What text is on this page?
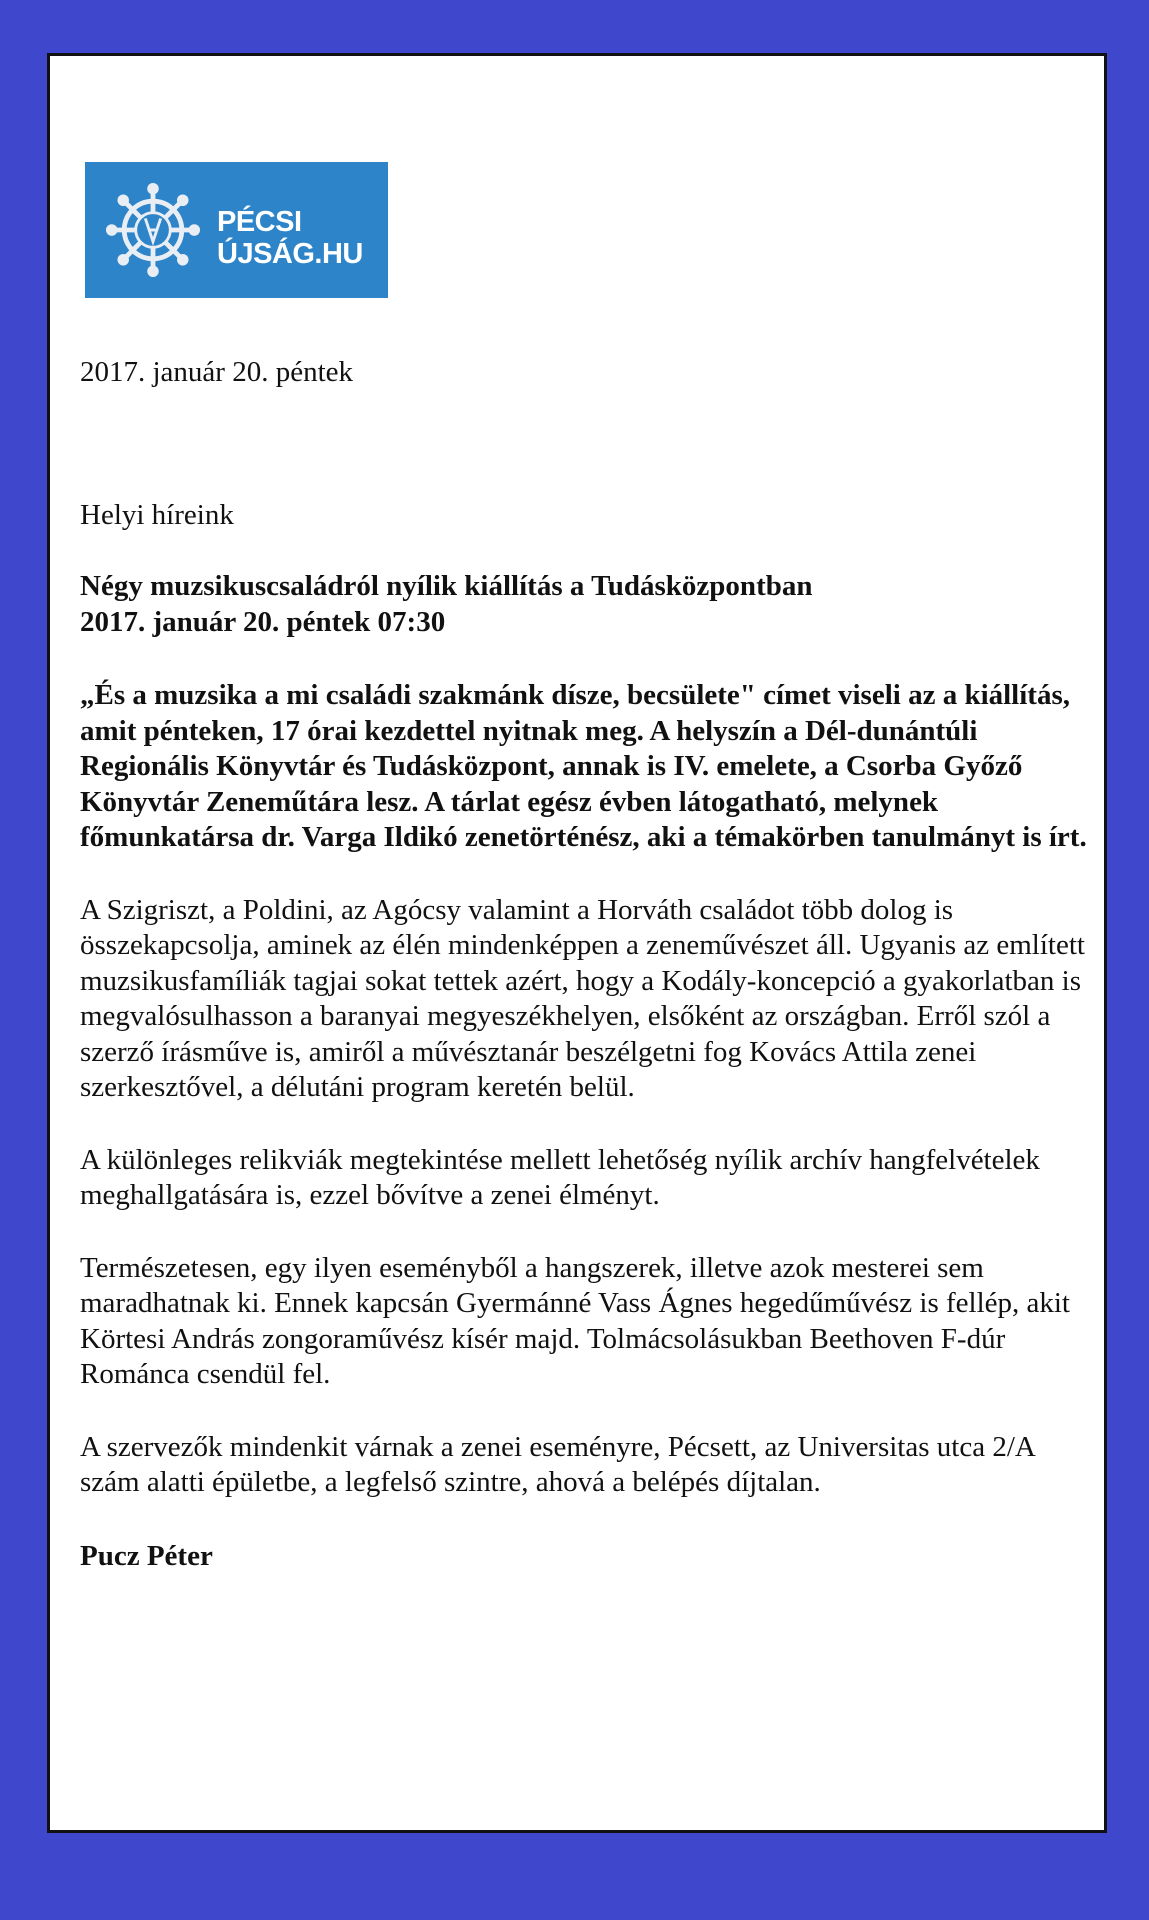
PÉCSI
ÚJSÁG.HU

2017. január 20. péntek

Helyi híreink

Négy muzsikuscsaládról nyílik kiállítás a Tudásközpontban

2017. január 20. péntek 07:30

„És a muzsika a mi családi szakmánk dísze, becsülete" címet viseli az a kiállítás, amit pénteken, 17 órai kezdettel nyitnak meg. A helyszín a Dél-dunántúli Regionális Könyvtár és Tudásközpont, annak is IV. emelete, a Csorba Győző Könyvtár Zeneműtára lesz. A tárlat egész évben látogatható, melynek főmunkatársa dr. Varga Ildikó zenetörténész, aki a témakörben tanulmányt is írt.

A Szigriszt, a Poldini, az Agócsy valamint a Horváth családot több dolog is összekapcsolja, aminek az élén mindenképpen a zeneművészet áll. Ugyanis az említett muzsikusfamíliák tagjai sokat tettek azért, hogy a Kodály-koncepció a gyakorlatban is megvalósulhasson a baranyai megyeszékhelyen, elsőként az országban. Erről szól a szerző írásműve is, amiről a művésztanár beszélgetni fog Kovács Attila zenei szerkesztővel, a délutáni program keretén belül.

A különleges relikviák megtekintése mellett lehetőség nyílik archív hangfelvételek meghallgatására is, ezzel bővítve a zenei élményt.

Természetesen, egy ilyen eseményből a hangszerek, illetve azok mesterei sem maradhatnak ki. Ennek kapcsán Gyermánné Vass Ágnes hegedűművész is fellép, akit Körtesi András zongoraművész kísér majd. Tolmácsolásukban Beethoven F-dúr Románca csendül fel.

A szervezők mindenkit várnak a zenei eseményre, Pécsett, az Universitas utca 2/A szám alatti épületbe, a legfelső szintre, ahová a belépés díjtalan.

Pucz Péter
